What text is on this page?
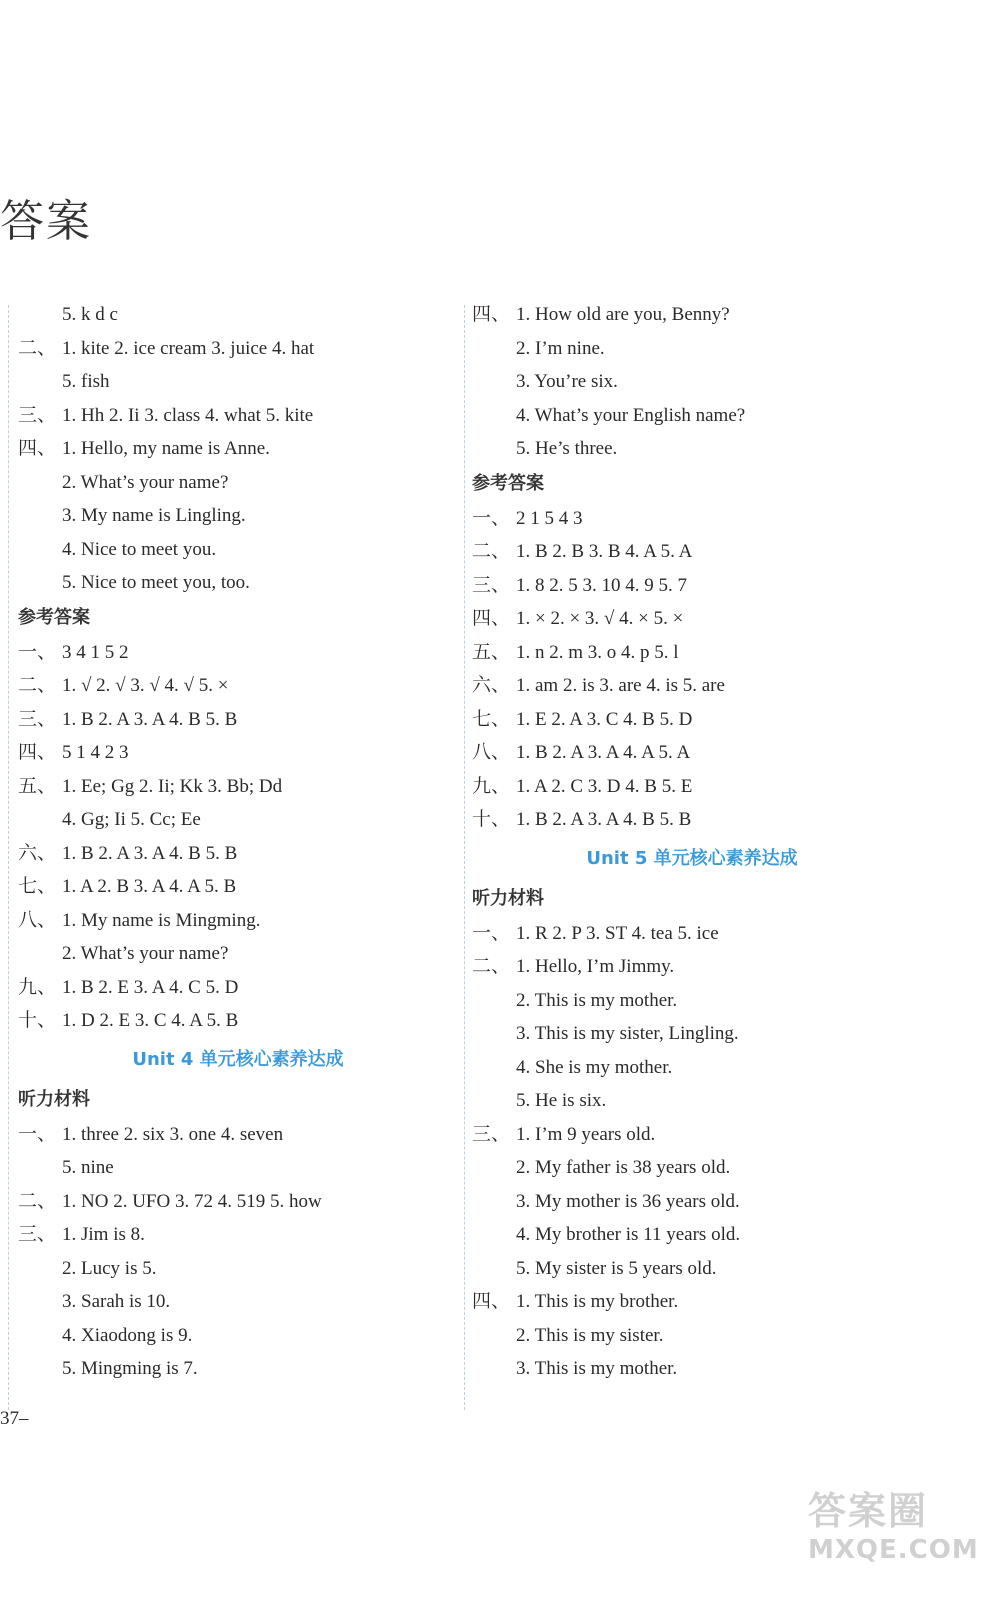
答案
5. k d c
二、 1. kite 2. ice cream 3. juice 4. hat
5. fish
三、 1. Hh 2. Ii 3. class 4. what 5. kite
四、 1. Hello, my name is Anne.
2. What’s your name?
3. My name is Lingling.
4. Nice to meet you.
5. Nice to meet you, too.
参考答案
一、 3 4 1 5 2
二、 1. √ 2. √ 3. √ 4. √ 5. ×
三、 1. B 2. A 3. A 4. B 5. B
四、 5 1 4 2 3
五、 1. Ee; Gg 2. Ii; Kk 3. Bb; Dd
4. Gg; Ii 5. Cc; Ee
六、 1. B 2. A 3. A 4. B 5. B
七、 1. A 2. B 3. A 4. A 5. B
八、 1. My name is Mingming.
2. What’s your name?
九、 1. B 2. E 3. A 4. C 5. D
十、 1. D 2. E 3. C 4. A 5. B
Unit 4 单元核心素养达成
听力材料
一、 1. three 2. six 3. one 4. seven
5. nine
二、 1. NO 2. UFO 3. 72 4. 519 5. how
三、 1. Jim is 8.
2. Lucy is 5.
3. Sarah is 10.
4. Xiaodong is 9.
5. Mingming is 7.
四、 1. How old are you, Benny?
2. I’m nine.
3. You’re six.
4. What’s your English name?
5. He’s three.
参考答案
一、 2 1 5 4 3
二、 1. B 2. B 3. B 4. A 5. A
三、 1. 8 2. 5 3. 10 4. 9 5. 7
四、 1. × 2. × 3. √ 4. × 5. ×
五、 1. n 2. m 3. o 4. p 5. l
六、 1. am 2. is 3. are 4. is 5. are
七、 1. E 2. A 3. C 4. B 5. D
八、 1. B 2. A 3. A 4. A 5. A
九、 1. A 2. C 3. D 4. B 5. E
十、 1. B 2. A 3. A 4. B 5. B
Unit 5 单元核心素养达成
听力材料
一、 1. R 2. P 3. ST 4. tea 5. ice
二、 1. Hello, I’m Jimmy.
2. This is my mother.
3. This is my sister, Lingling.
4. She is my mother.
5. He is six.
三、 1. I’m 9 years old.
2. My father is 38 years old.
3. My mother is 36 years old.
4. My brother is 11 years old.
5. My sister is 5 years old.
四、 1. This is my brother.
2. This is my sister.
3. This is my mother.
37–
答案圈
MXQE.COM
